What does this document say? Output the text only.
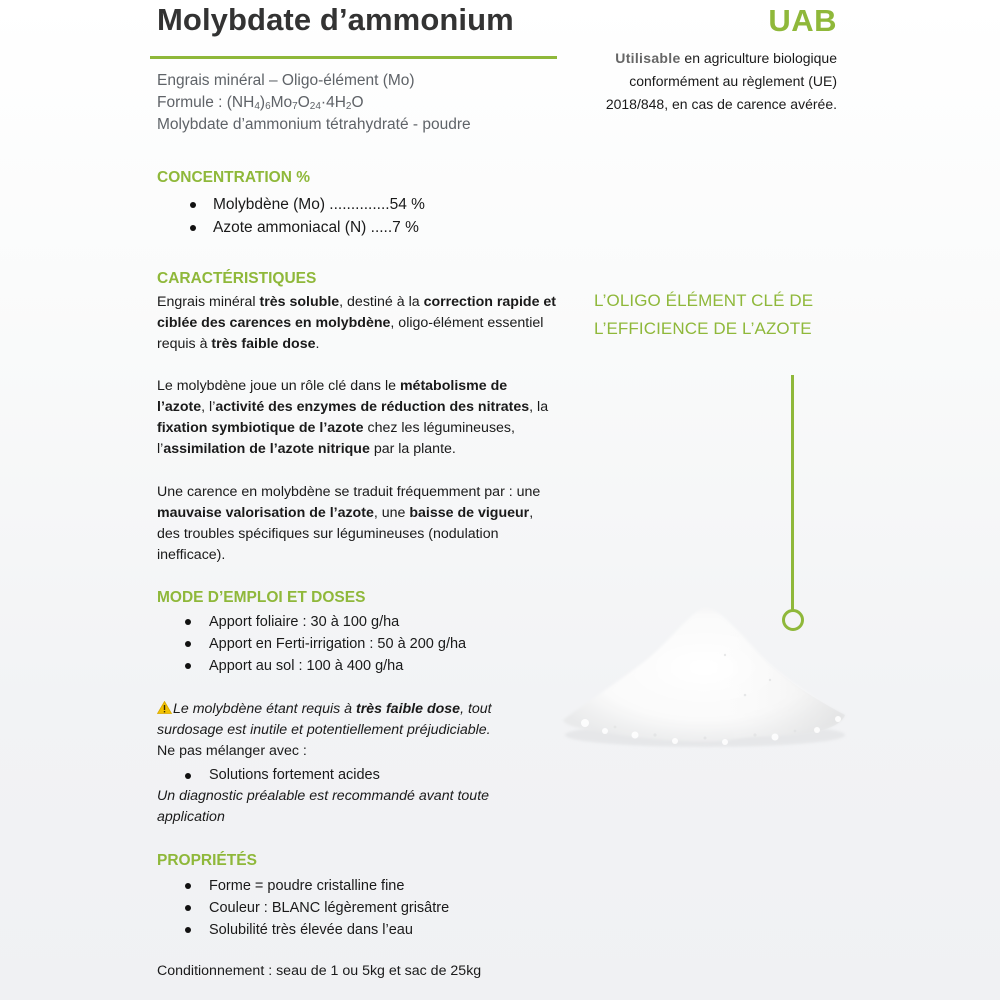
Molybdate d’ammonium
Engrais minéral – Oligo-élément (Mo)
Formule : $(NH_4)_6Mo_7O_{24}\cdot 4H_2O$
Molybdate d’ammonium tétrahydraté - poudre
UAB
Utilisable en agriculture biologique
conformément au règlement (UE)
2018/848, en cas de carence avérée.
CONCENTRATION %
Molybdène (Mo) ..............54 %
Azote ammoniacal (N) .....7 %
CARACTÉRISTIQUES

Engrais minéral très soluble, destiné à la correction rapide et ciblée des carences en molybdène, oligo-élément essentiel requis à très faible dose.

Le molybdène joue un rôle clé dans le métabolisme de l’azote, l’activité des enzymes de réduction des nitrates, la fixation symbiotique de l’azote chez les légumineuses, l’assimilation de l’azote nitrique par la plante.

Une carence en molybdène se traduit fréquemment par : une mauvaise valorisation de l’azote, une baisse de vigueur, des troubles spécifiques sur légumineuses (nodulation inefficace).

MODE D’EMPLOI ET DOSES
Apport foliaire : 30 à 100 g/ha
Apport en Ferti-irrigation : 50 à 200 g/ha
Apport au sol : 100 à 400 g/ha
Le molybdène étant requis à très faible dose, tout surdosage est inutile et potentiellement préjudiciable.
Ne pas mélanger avec :
Solutions fortement acides

Un diagnostic préalable est recommandé avant toute application

PROPRIÉTÉS
Forme = poudre cristalline fine
Couleur : BLANC légèrement grisâtre
Solubilité très élevée dans l’eau

Conditionnement : seau de 1 ou 5kg et sac de 25kg

L’OLIGO ÉLÉMENT CLÉ DE
L’EFFICIENCE DE L’AZOTE
